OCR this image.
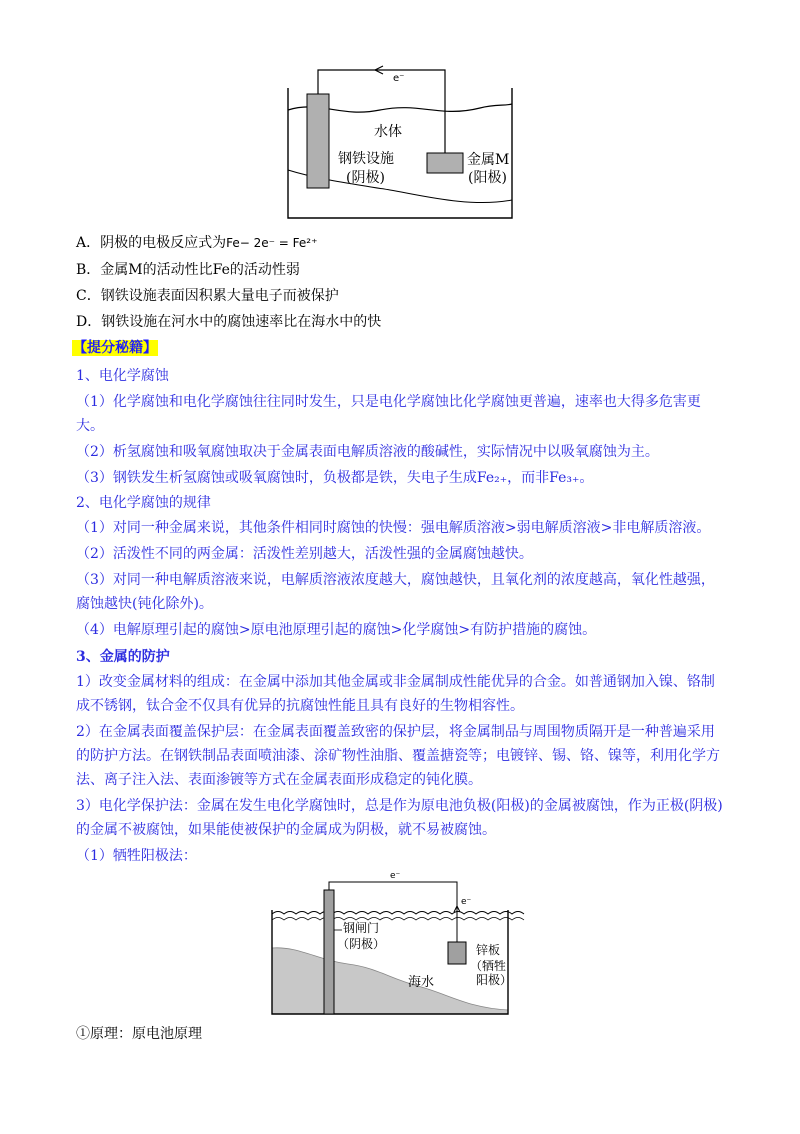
e⁻
水体
钢铁设施
(阴极)
金属M
(阳极)
A．阴极的电极反应式为Fe− 2e⁻ = Fe²⁺
B．金属M的活动性比Fe的活动性弱
C．钢铁设施表面因积累大量电子而被保护
D．钢铁设施在河水中的腐蚀速率比在海水中的快
【提分秘籍】
1、电化学腐蚀
（1）化学腐蚀和电化学腐蚀往往同时发生，只是电化学腐蚀比化学腐蚀更普遍，速率也大得多危害更
大。
（2）析氢腐蚀和吸氧腐蚀取决于金属表面电解质溶液的酸碱性，实际情况中以吸氧腐蚀为主。
（3）钢铁发生析氢腐蚀或吸氧腐蚀时，负极都是铁，失电子生成Fe₂₊，而非Fe₃₊。
2、电化学腐蚀的规律
（1）对同一种金属来说，其他条件相同时腐蚀的快慢：强电解质溶液>弱电解质溶液>非电解质溶液。
（2）活泼性不同的两金属：活泼性差别越大，活泼性强的金属腐蚀越快。
（3）对同一种电解质溶液来说，电解质溶液浓度越大，腐蚀越快，且氧化剂的浓度越高，氧化性越强，
腐蚀越快(钝化除外)。
（4）电解原理引起的腐蚀>原电池原理引起的腐蚀>化学腐蚀>有防护措施的腐蚀。
3、金属的防护
1）改变金属材料的组成：在金属中添加其他金属或非金属制成性能优异的合金。如普通钢加入镍、铬制
成不锈钢，钛合金不仅具有优异的抗腐蚀性能且具有良好的生物相容性。
2）在金属表面覆盖保护层：在金属表面覆盖致密的保护层，将金属制品与周围物质隔开是一种普遍采用
的防护方法。在钢铁制品表面喷油漆、涂矿物性油脂、覆盖搪瓷等；电镀锌、锡、铬、镍等，利用化学方
法、离子注入法、表面渗镀等方式在金属表面形成稳定的钝化膜。
3）电化学保护法：金属在发生电化学腐蚀时，总是作为原电池负极(阳极)的金属被腐蚀，作为正极(阴极)
的金属不被腐蚀，如果能使被保护的金属成为阴极，就不易被腐蚀。
（1）牺牲阳极法：
e⁻
e⁻
钢闸门
（阴极）	锌板
（牺牲
阳极）
海水
①原理：原电池原理
